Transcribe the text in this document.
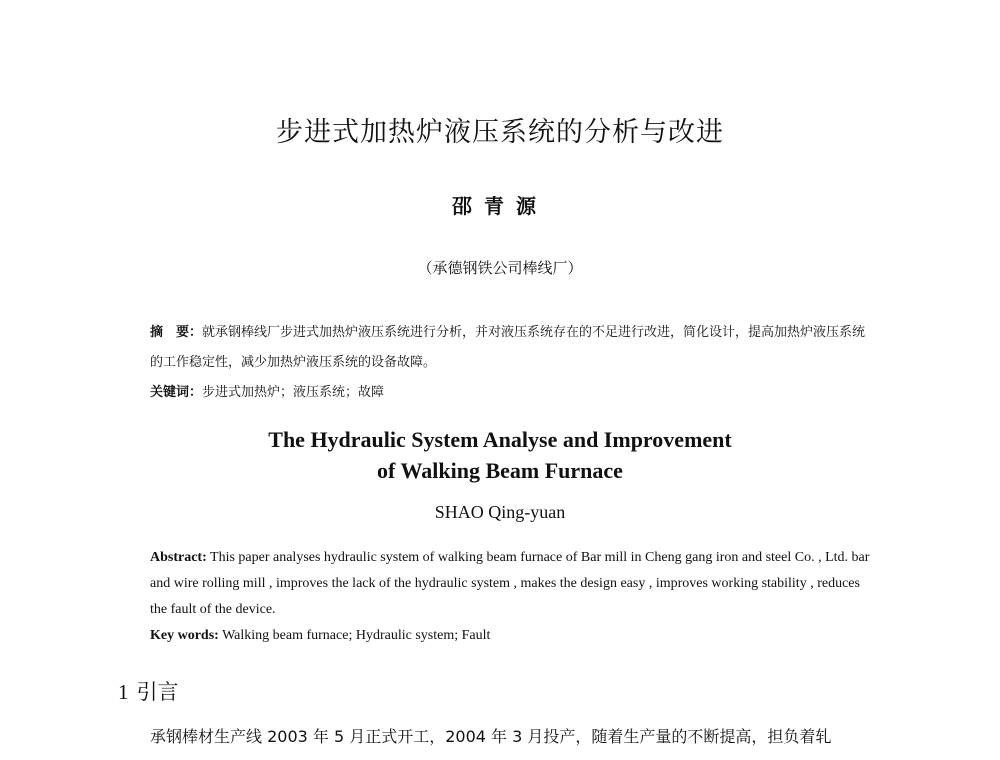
步进式加热炉液压系统的分析与改进
邵青源
（承德钢铁公司棒线厂）
摘　要：就承钢棒线厂步进式加热炉液压系统进行分析，并对液压系统存在的不足进行改进，简化设计，提高加热炉液压系统的工作稳定性，减少加热炉液压系统的设备故障。
关键词：步进式加热炉；液压系统；故障
The Hydraulic System Analyse and Improvement
of Walking Beam Furnace
SHAO Qing-yuan
Abstract: This paper analyses hydraulic system of walking beam furnace of Bar mill in Cheng gang iron and steel Co. , Ltd. bar and wire rolling mill , improves the lack of the hydraulic system , makes the design easy , improves working stability , reduces the fault of the device.
Key words: Walking beam furnace; Hydraulic system; Fault
1 引言
承钢棒材生产线 2003 年 5 月正式开工，2004 年 3 月投产，随着生产量的不断提高，担负着轧
